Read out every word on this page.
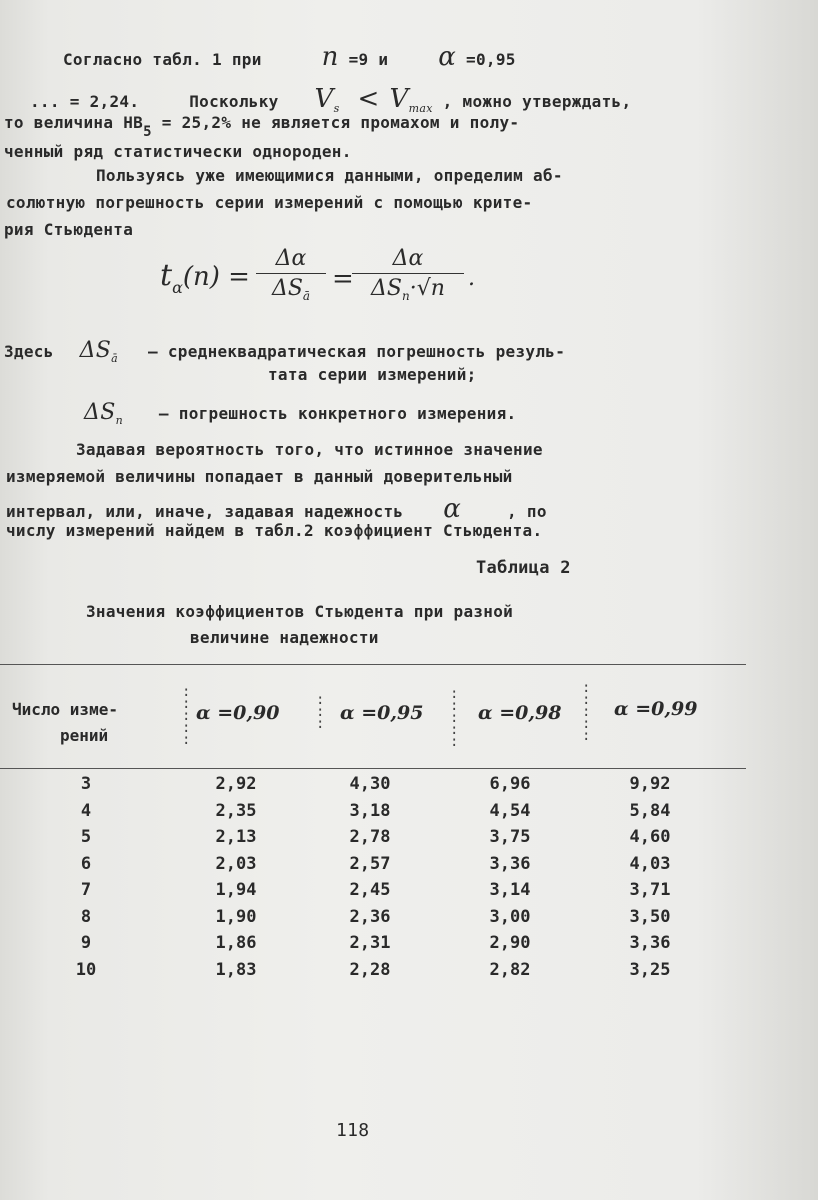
Согласно табл. 1 при n =9 и α =0,95
... = 2,24.	Поскольку $V_s < V_{max}$ , можно утверждать,
то величина HB5 = 25,2% не является промахом и полу-
ченный ряд статистически однороден.
Пользуясь уже имеющимися данными, определим аб-
солютную погрешность серии измерений с помощью крите-
рия Стьюдента
$t_\alpha(n)$ =
Δα
$\Delta S_ā$
=
Δα
$\Delta S_n\cdot√n$	.
Здесь $\Delta S_ā$ – среднеквадратическая погрешность резуль-
тата серии измерений;
$\Delta S_n$ – погрешность конкретного измерения.
Задавая вероятность того, что истинное значение
измеряемой величины попадает в данный доверительный
интервал, или, иначе, задавая надежность α	, по
числу измерений найдем в табл.2 коэффициент Стьюдента.
Таблица 2
Значения коэффициентов Стьюдента при разной
величине надежности
Число изме-
рений
:
:
:
:
:
:
:
:
:
:
:
:
:
:
:
:
:
:
α =0,90	α =0,95	α =0,98	α =0,99
3	2,92	4,30	6,96	9,92
4	2,35	3,18	4,54	5,84
5	2,13	2,78	3,75	4,60
6	2,03	2,57	3,36	4,03
7	1,94	2,45	3,14	3,71
8	1,90	2,36	3,00	3,50
9	1,86	2,31	2,90	3,36
10	1,83	2,28	2,82	3,25
118
